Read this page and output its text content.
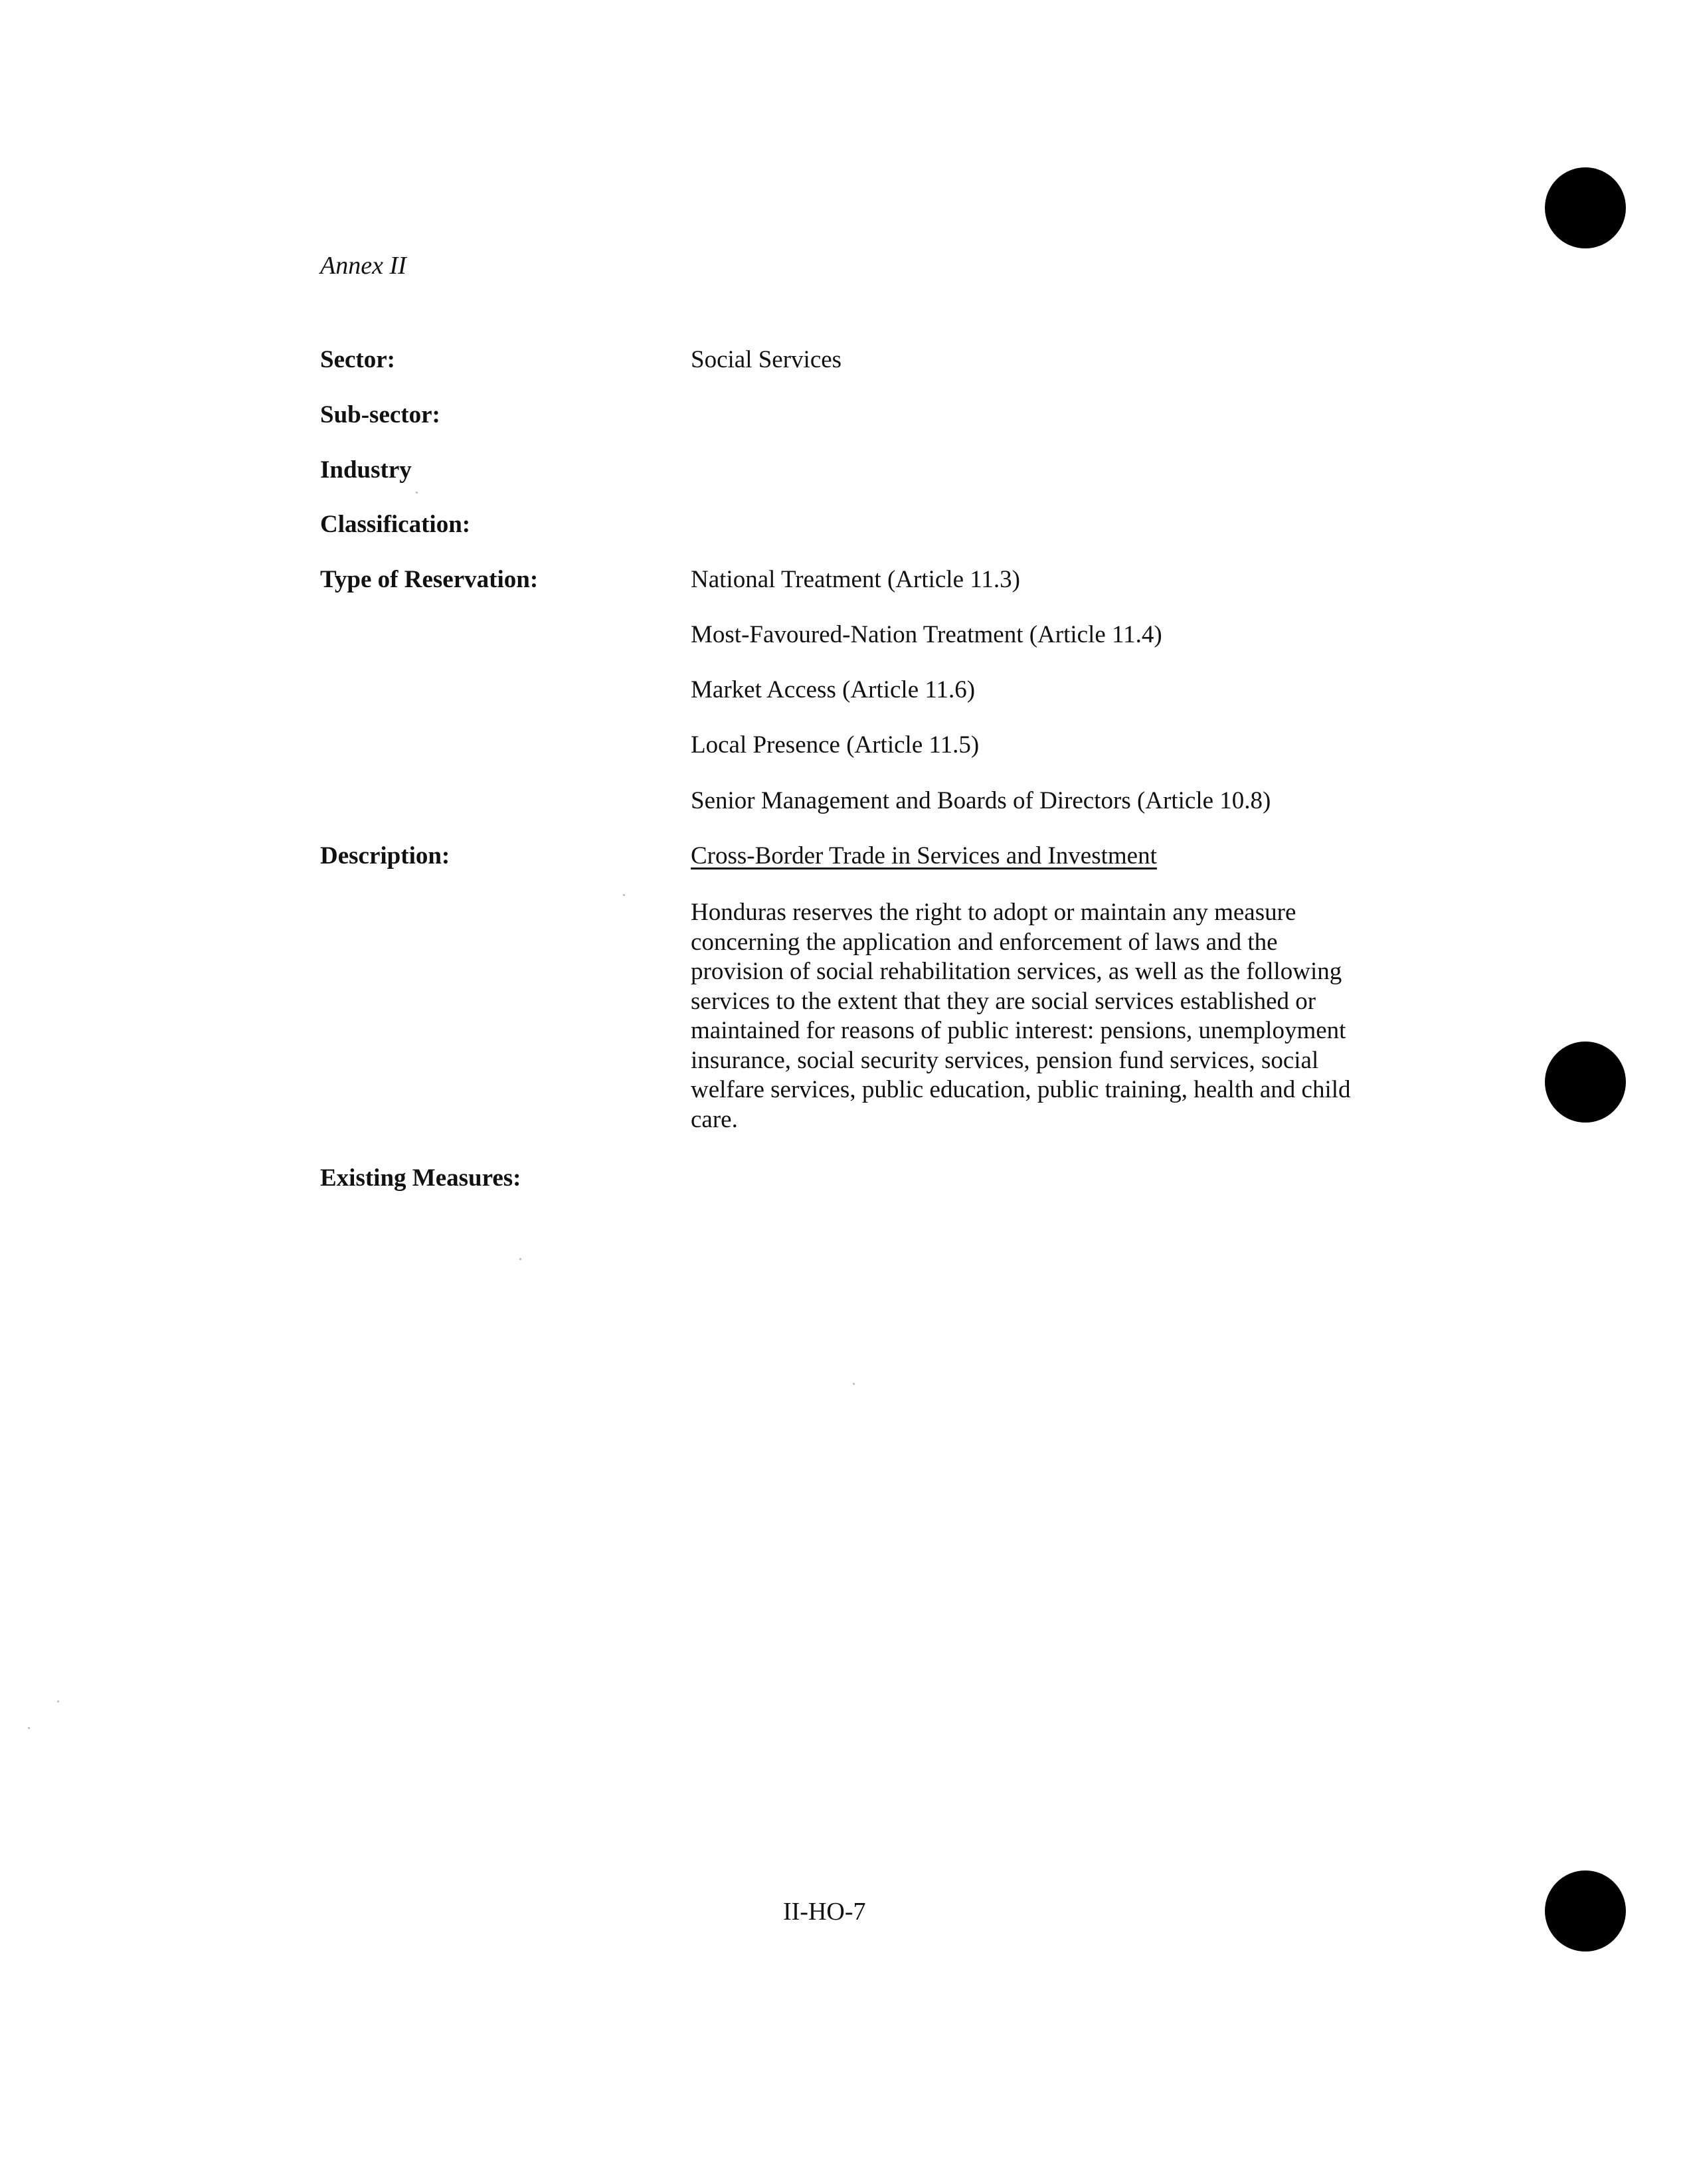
Annex II
Sector:	Social Services
Sub-sector:
Industry
Classification:
Type of Reservation:	National Treatment (Article 11.3)
Most-Favoured-Nation Treatment (Article 11.4)
Market Access (Article 11.6)
Local Presence (Article 11.5)
Senior Management and Boards of Directors (Article 10.8)
Description:	Cross-Border Trade in Services and Investment
Honduras reserves the right to adopt or maintain any measure concerning the application and enforcement of laws and the provision of social rehabilitation services, as well as the following services to the extent that they are social services established or maintained for reasons of public interest: pensions, unemployment insurance, social security services, pension fund services, social welfare services, public education, public training, health and child care.
Existing Measures:
II-HO-7
